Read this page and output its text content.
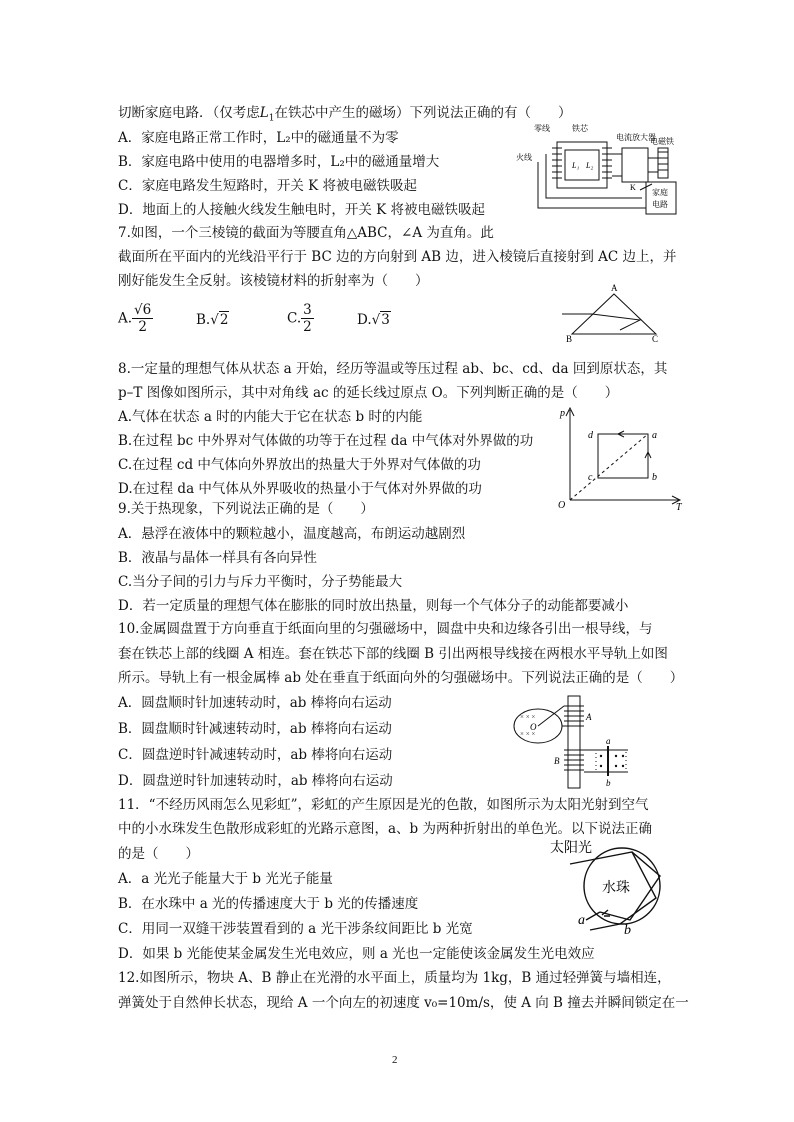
切断家庭电路．（仅考虑$L_1$在铁芯中产生的磁场）下列说法正确的有（　　）
A．家庭电路正常工作时，L₂中的磁通量不为零
B．家庭电路中使用的电器增多时，L₂中的磁通量增大
C．家庭电路发生短路时，开关 K 将被电磁铁吸起
D．地面上的人接触火线发生触电时，开关 K 将被电磁铁吸起
零线	铁芯
电流放大器
火线
电磁铁
L₁ L₂
K
家庭
电路
7.如图，一个三棱镜的截面为等腰直角△ABC，∠A 为直角。此
截面所在平面内的光线沿平行于 BC 边的方向射到 AB 边，进入棱镜后直接射到 AC 边上，并
刚好能发生全反射。该棱镜材料的折射率为（　　）
A. $\frac{√6}{2}$	B.√2	C. $\frac{3}{2}$	D.√3
A
B	C
8.一定量的理想气体从状态 a 开始，经历等温或等压过程 ab、bc、cd、da 回到原状态，其
p–T 图像如图所示，其中对角线 ac 的延长线过原点 O。下列判断正确的是（　　）
A.气体在状态 a 时的内能大于它在状态 b 时的内能
B.在过程 bc 中外界对气体做的功等于在过程 da 中气体对外界做的功
C.在过程 cd 中气体向外界放出的热量大于外界对气体做的功
D.在过程 da 中气体从外界吸收的热量小于气体对外界做的功
p
T
O
a
b
c
d
9.关于热现象，下列说法正确的是（　　）
A．悬浮在液体中的颗粒越小，温度越高，布朗运动越剧烈
B．液晶与晶体一样具有各向异性
C.当分子间的引力与斥力平衡时，分子势能最大
D．若一定质量的理想气体在膨胀的同时放出热量，则每一个气体分子的动能都要减小
10.金属圆盘置于方向垂直于纸面向里的匀强磁场中，圆盘中央和边缘各引出一根导线，与
套在铁芯上部的线圈 A 相连。套在铁芯下部的线圈 B 引出两根导线接在两根水平导轨上如图
所示。导轨上有一根金属棒 ab 处在垂直于纸面向外的匀强磁场中。下列说法正确的是（　　）
A．圆盘顺时针加速转动时，ab 棒将向右运动
B．圆盘顺时针减速转动时，ab 棒将向右运动
C．圆盘逆时针减速转动时，ab 棒将向右运动
D．圆盘逆时针加速转动时，ab 棒将向右运动
× × ×
× × ×
O
A
B
a
b
11．“不经历风雨怎么见彩虹”，彩虹的产生原因是光的色散，如图所示为太阳光射到空气
中的小水珠发生色散形成彩虹的光路示意图，a、b 为两种折射出的单色光。以下说法正确
的是（　　）
A．a 光光子能量大于 b 光光子能量
B．在水珠中 a 光的传播速度大于 b 光的传播速度
C．用同一双缝干涉装置看到的 a 光干涉条纹间距比 b 光宽
D．如果 b 光能使某金属发生光电效应，则 a 光也一定能使该金属发生光电效应
太阳光
水珠
a
b
12.如图所示，物块 A、B 静止在光滑的水平面上，质量均为 1kg，B 通过轻弹簧与墙相连，
弹簧处于自然伸长状态，现给 A 一个向左的初速度 v₀=10m/s，使 A 向 B 撞去并瞬间锁定在一
2
